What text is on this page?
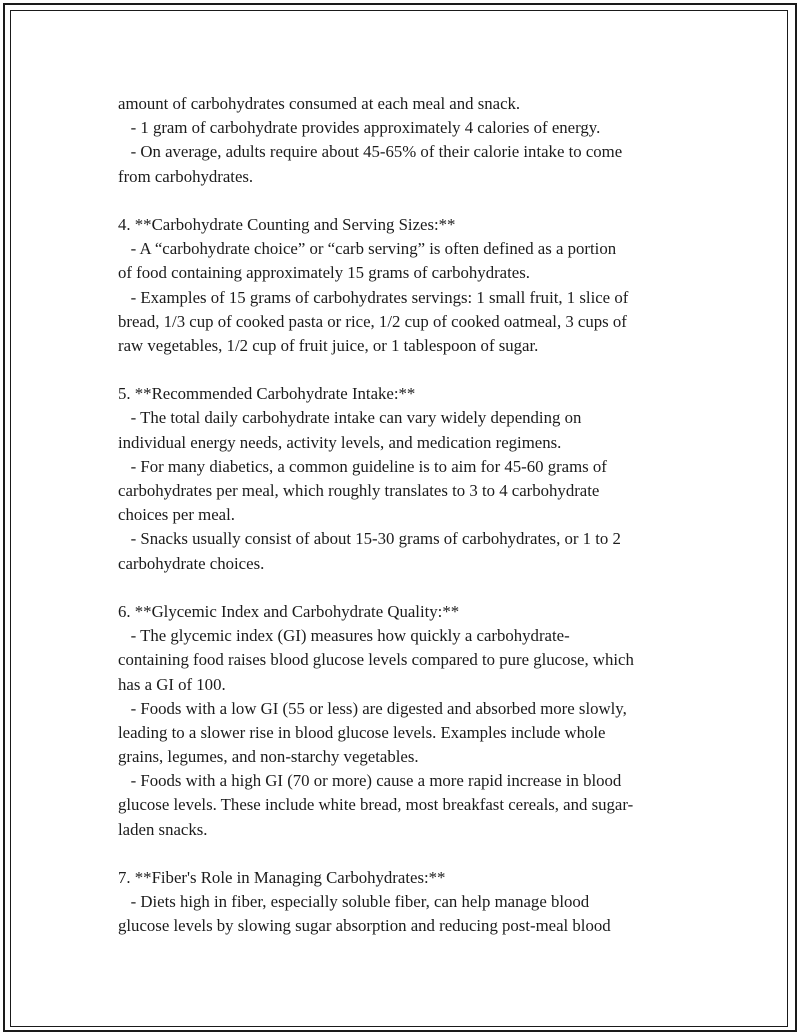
amount of carbohydrates consumed at each meal and snack.
- 1 gram of carbohydrate provides approximately 4 calories of energy.
- On average, adults require about 45-65% of their calorie intake to come
from carbohydrates.
4. **Carbohydrate Counting and Serving Sizes:**
- A “carbohydrate choice” or “carb serving” is often defined as a portion
of food containing approximately 15 grams of carbohydrates.
- Examples of 15 grams of carbohydrates servings: 1 small fruit, 1 slice of
bread, 1/3 cup of cooked pasta or rice, 1/2 cup of cooked oatmeal, 3 cups of
raw vegetables, 1/2 cup of fruit juice, or 1 tablespoon of sugar.
5. **Recommended Carbohydrate Intake:**
- The total daily carbohydrate intake can vary widely depending on
individual energy needs, activity levels, and medication regimens.
- For many diabetics, a common guideline is to aim for 45-60 grams of
carbohydrates per meal, which roughly translates to 3 to 4 carbohydrate
choices per meal.
- Snacks usually consist of about 15-30 grams of carbohydrates, or 1 to 2
carbohydrate choices.
6. **Glycemic Index and Carbohydrate Quality:**
- The glycemic index (GI) measures how quickly a carbohydrate-
containing food raises blood glucose levels compared to pure glucose, which
has a GI of 100.
- Foods with a low GI (55 or less) are digested and absorbed more slowly,
leading to a slower rise in blood glucose levels. Examples include whole
grains, legumes, and non-starchy vegetables.
- Foods with a high GI (70 or more) cause a more rapid increase in blood
glucose levels. These include white bread, most breakfast cereals, and sugar-
laden snacks.
7. **Fiber's Role in Managing Carbohydrates:**
- Diets high in fiber, especially soluble fiber, can help manage blood
glucose levels by slowing sugar absorption and reducing post-meal blood
